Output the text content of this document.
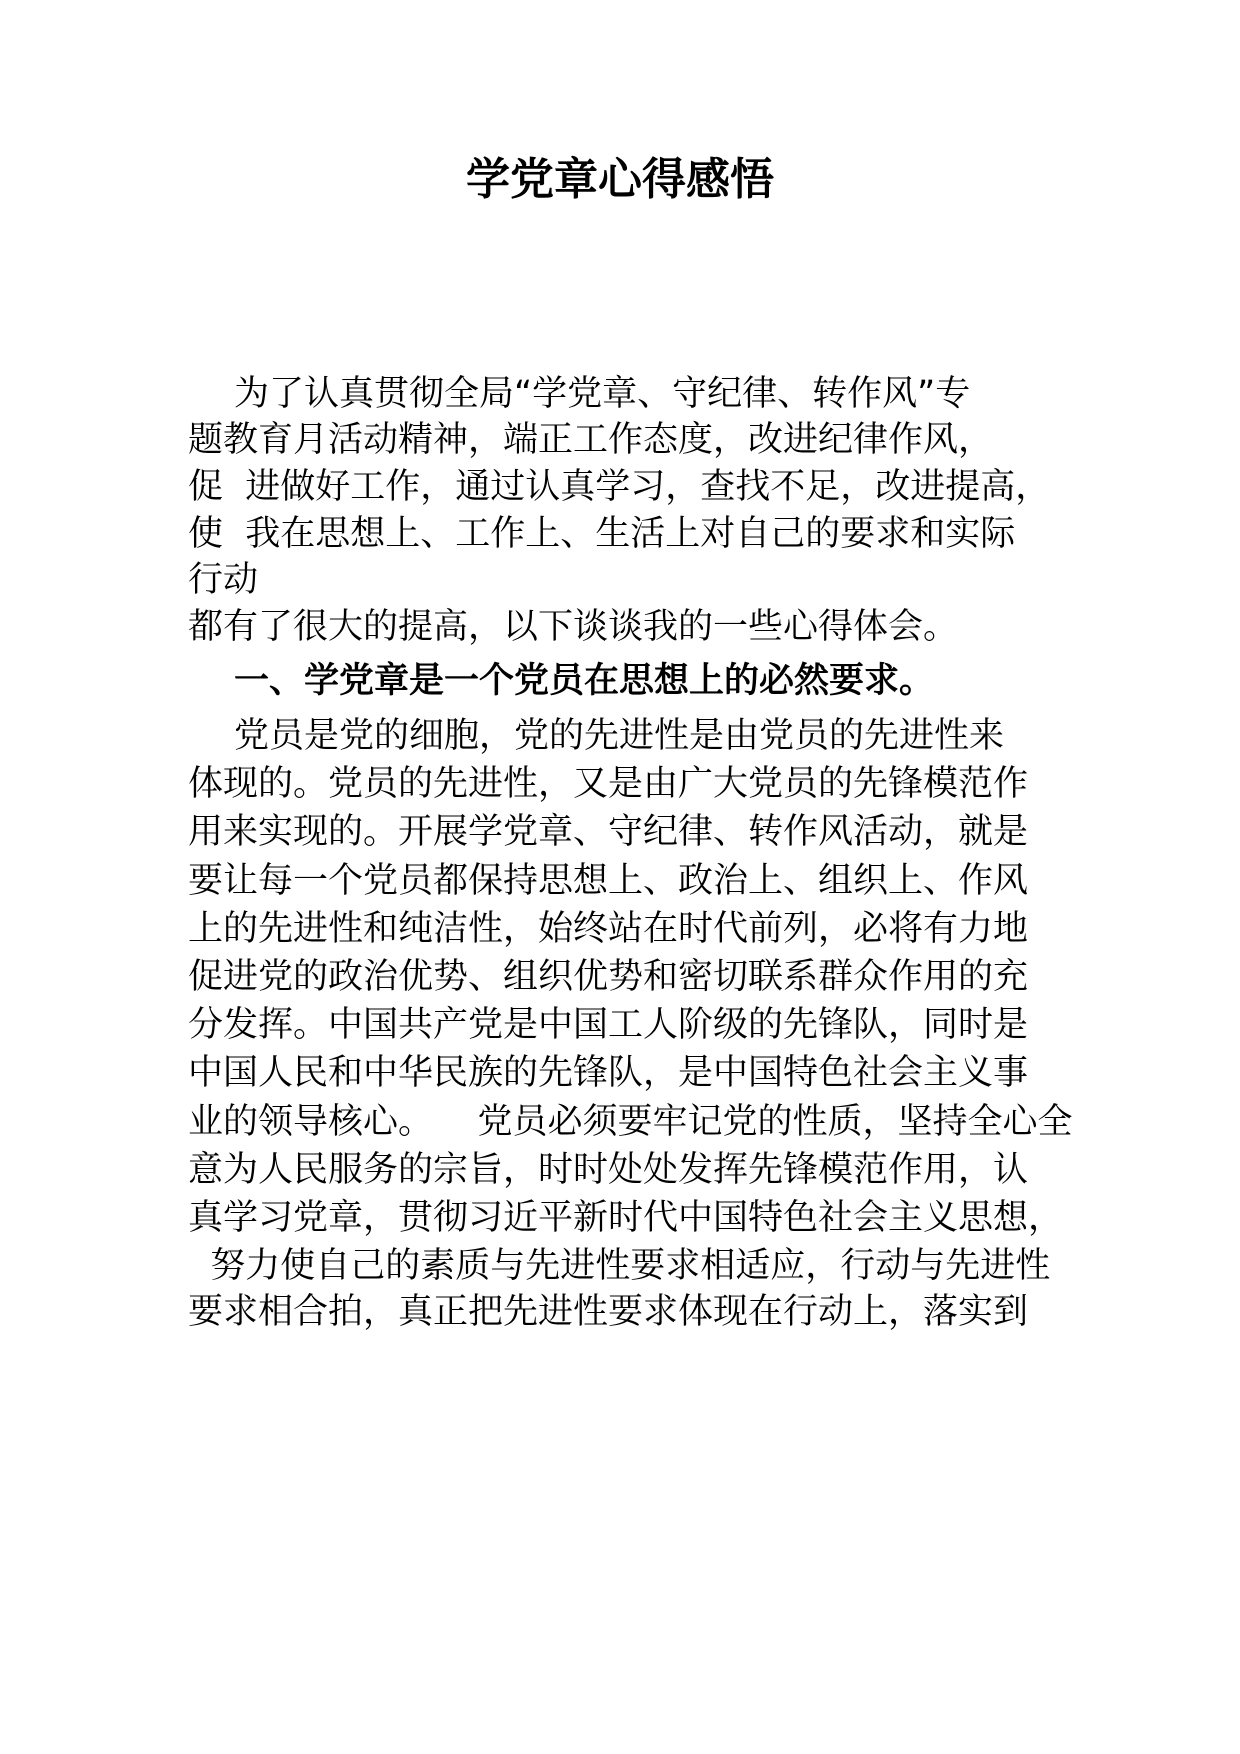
学党章心得感悟
为了认真贯彻全局“学党章、守纪律、转作风”专
题教育月活动精神，端正工作态度，改进纪律作风，
促  进做好工作，通过认真学习，查找不足，改进提高，
使  我在思想上、工作上、生活上对自己的要求和实际
行动
都有了很大的提高，以下谈谈我的一些心得体会。
一、学党章是一个党员在思想上的必然要求。
党员是党的细胞，党的先进性是由党员的先进性来
体现的。党员的先进性，又是由广大党员的先锋模范作
用来实现的。开展学党章、守纪律、转作风活动，就是
要让每一个党员都保持思想上、政治上、组织上、作风
上的先进性和纯洁性，始终站在时代前列，必将有力地
促进党的政治优势、组织优势和密切联系群众作用的充
分发挥。中国共产党是中国工人阶级的先锋队，同时是
中国人民和中华民族的先锋队，是中国特色社会主义事
业的领导核心。    党员必须要牢记党的性质，坚持全心全
意为人民服务的宗旨，时时处处发挥先锋模范作用，认
真学习党章，贯彻习近平新时代中国特色社会主义思想，
努力使自己的素质与先进性要求相适应，行动与先进性
要求相合拍，真正把先进性要求体现在行动上，落实到
